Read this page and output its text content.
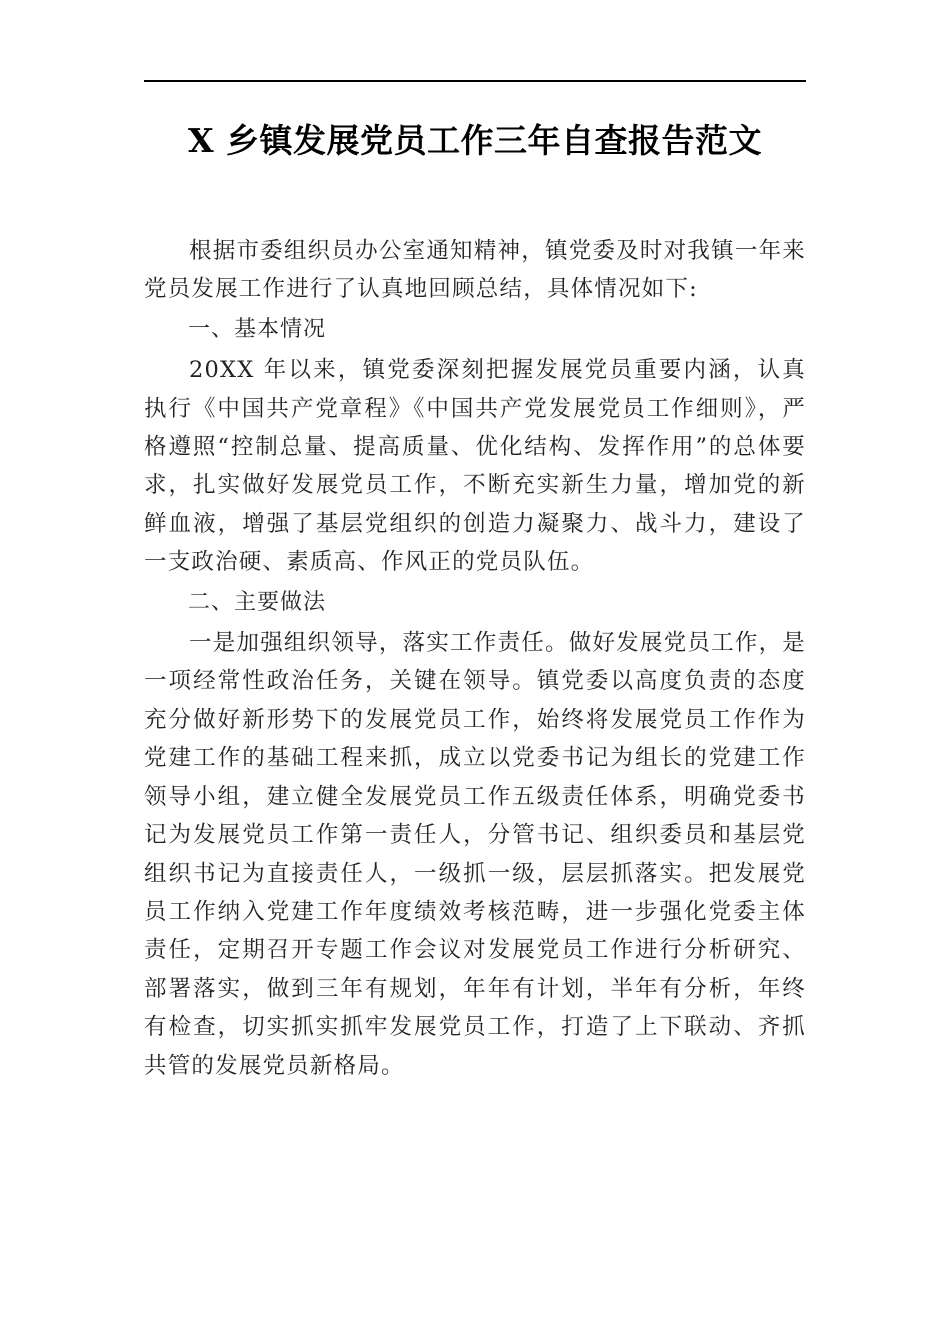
X 乡镇发展党员工作三年自查报告范文

根据市委组织员办公室通知精神，镇党委及时对我镇一年来党员发展工作进行了认真地回顾总结，具体情况如下:

一、基本情况

20XX 年以来，镇党委深刻把握发展党员重要内涵，认真执行《中国共产党章程》《中国共产党发展党员工作细则》，严格遵照“控制总量、提高质量、优化结构、发挥作用”的总体要求，扎实做好发展党员工作，不断充实新生力量，增加党的新鲜血液，增强了基层党组织的创造力凝聚力、战斗力，建设了一支政治硬、素质高、作风正的党员队伍。

二、主要做法

一是加强组织领导，落实工作责任。做好发展党员工作，是一项经常性政治任务，关键在领导。镇党委以高度负责的态度充分做好新形势下的发展党员工作，始终将发展党员工作作为党建工作的基础工程来抓，成立以党委书记为组长的党建工作领导小组，建立健全发展党员工作五级责任体系，明确党委书记为发展党员工作第一责任人，分管书记、组织委员和基层党组织书记为直接责任人，一级抓一级，层层抓落实。把发展党员工作纳入党建工作年度绩效考核范畴，进一步强化党委主体责任，定期召开专题工作会议对发展党员工作进行分析研究、部署落实，做到三年有规划，年年有计划，半年有分析，年终有检查，切实抓实抓牢发展党员工作，打造了上下联动、齐抓共管的发展党员新格局。
